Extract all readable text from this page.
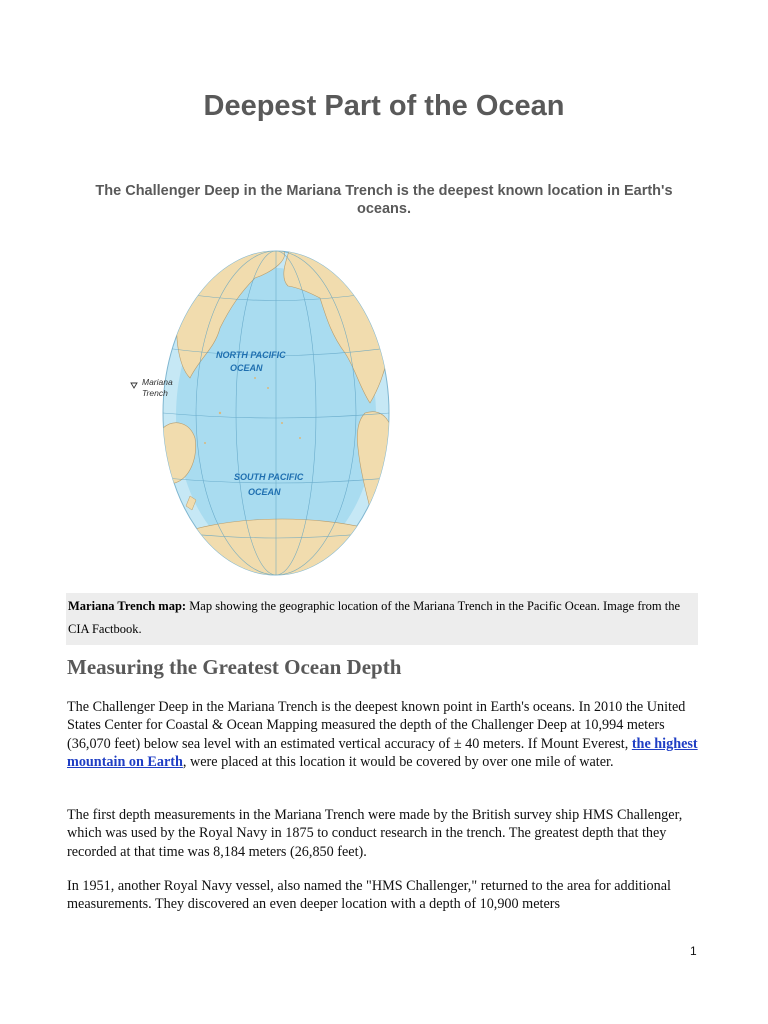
Deepest Part of the Ocean

The Challenger Deep in the Mariana Trench is the deepest known location in Earth's oceans.

NORTH PACIFIC
OCEAN
SOUTH PACIFIC
OCEAN
Mariana
Trench
Mariana Trench map: Map showing the geographic location of the Mariana Trench in the Pacific Ocean. Image from the CIA Factbook.
Measuring the Greatest Ocean Depth

The Challenger Deep in the Mariana Trench is the deepest known point in Earth's oceans. In 2010 the United States Center for Coastal & Ocean Mapping measured the depth of the Challenger Deep at 10,994 meters (36,070 feet) below sea level with an estimated vertical accuracy of ± 40 meters. If Mount Everest, the highest mountain on Earth, were placed at this location it would be covered by over one mile of water.

The first depth measurements in the Mariana Trench were made by the British survey ship HMS Challenger, which was used by the Royal Navy in 1875 to conduct research in the trench. The greatest depth that they recorded at that time was 8,184 meters (26,850 feet).

In 1951, another Royal Navy vessel, also named the "HMS Challenger," returned to the area for additional measurements. They discovered an even deeper location with a depth of 10,900 meters

1
